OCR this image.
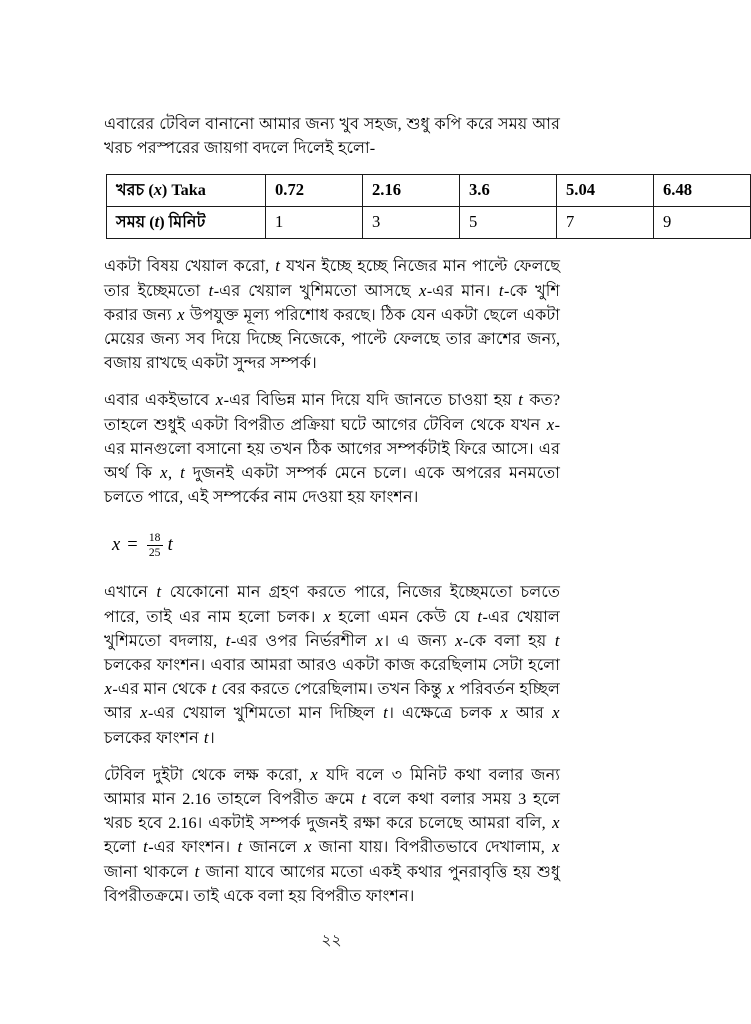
এবারের টেবিল বানানো আমার জন্য খুব সহজ, শুধু কপি করে সময় আর খরচ পরস্পরের জায়গা বদলে দিলেই হলো-

খরচ (x) Taka	0.72	2.16	3.6	5.04	6.48
সময় (t) মিনিট	1	3	5	7	9

একটা বিষয় খেয়াল করো, t যখন ইচ্ছে হচ্ছে নিজের মান পাল্টে ফেলছে তার ইচ্ছেমতো t-এর খেয়াল খুশিমতো আসছে x-এর মান। t-কে খুশি করার জন্য x উপযুক্ত মূল্য পরিশোধ করছে। ঠিক যেন একটা ছেলে একটা মেয়ের জন্য সব দিয়ে দিচ্ছে নিজেকে, পাল্টে ফেলছে তার ক্রাশের জন্য, বজায় রাখছে একটা সুন্দর সম্পর্ক।

এবার একইভাবে x-এর বিভিন্ন মান দিয়ে যদি জানতে চাওয়া হয় t কত? তাহলে শুধুই একটা বিপরীত প্রক্রিয়া ঘটে আগের টেবিল থেকে যখন x-এর মানগুলো বসানো হয় তখন ঠিক আগের সম্পর্কটাই ফিরে আসে। এর অর্থ কি x, t দুজনই একটা সম্পর্ক মেনে চলে। একে অপরের মনমতো চলতে পারে, এই সম্পর্কের নাম দেওয়া হয় ফাংশন।

$x = \frac{18}{25}$ t

এখানে t যেকোনো মান গ্রহণ করতে পারে, নিজের ইচ্ছেমতো চলতে পারে, তাই এর নাম হলো চলক। x হলো এমন কেউ যে t-এর খেয়াল খুশিমতো বদলায়, t-এর ওপর নির্ভরশীল x। এ জন্য x-কে বলা হয় t চলকের ফাংশন। এবার আমরা আরও একটা কাজ করেছিলাম সেটা হলো x-এর মান থেকে t বের করতে পেরেছিলাম। তখন কিন্তু x পরিবর্তন হচ্ছিল আর x-এর খেয়াল খুশিমতো মান দিচ্ছিল t। এক্ষেত্রে চলক x আর x চলকের ফাংশন t।

টেবিল দুইটা থেকে লক্ষ করো, x যদি বলে ৩ মিনিট কথা বলার জন্য আমার মান 2.16 তাহলে বিপরীত ক্রমে t বলে কথা বলার সময় 3 হলে খরচ হবে 2.16। একটাই সম্পর্ক দুজনই রক্ষা করে চলেছে আমরা বলি, x হলো t-এর ফাংশন। t জানলে x জানা যায়। বিপরীতভাবে দেখালাম, x জানা থাকলে t জানা যাবে আগের মতো একই কথার পুনরাবৃত্তি হয় শুধু বিপরীতক্রমে। তাই একে বলা হয় বিপরীত ফাংশন।

২২
